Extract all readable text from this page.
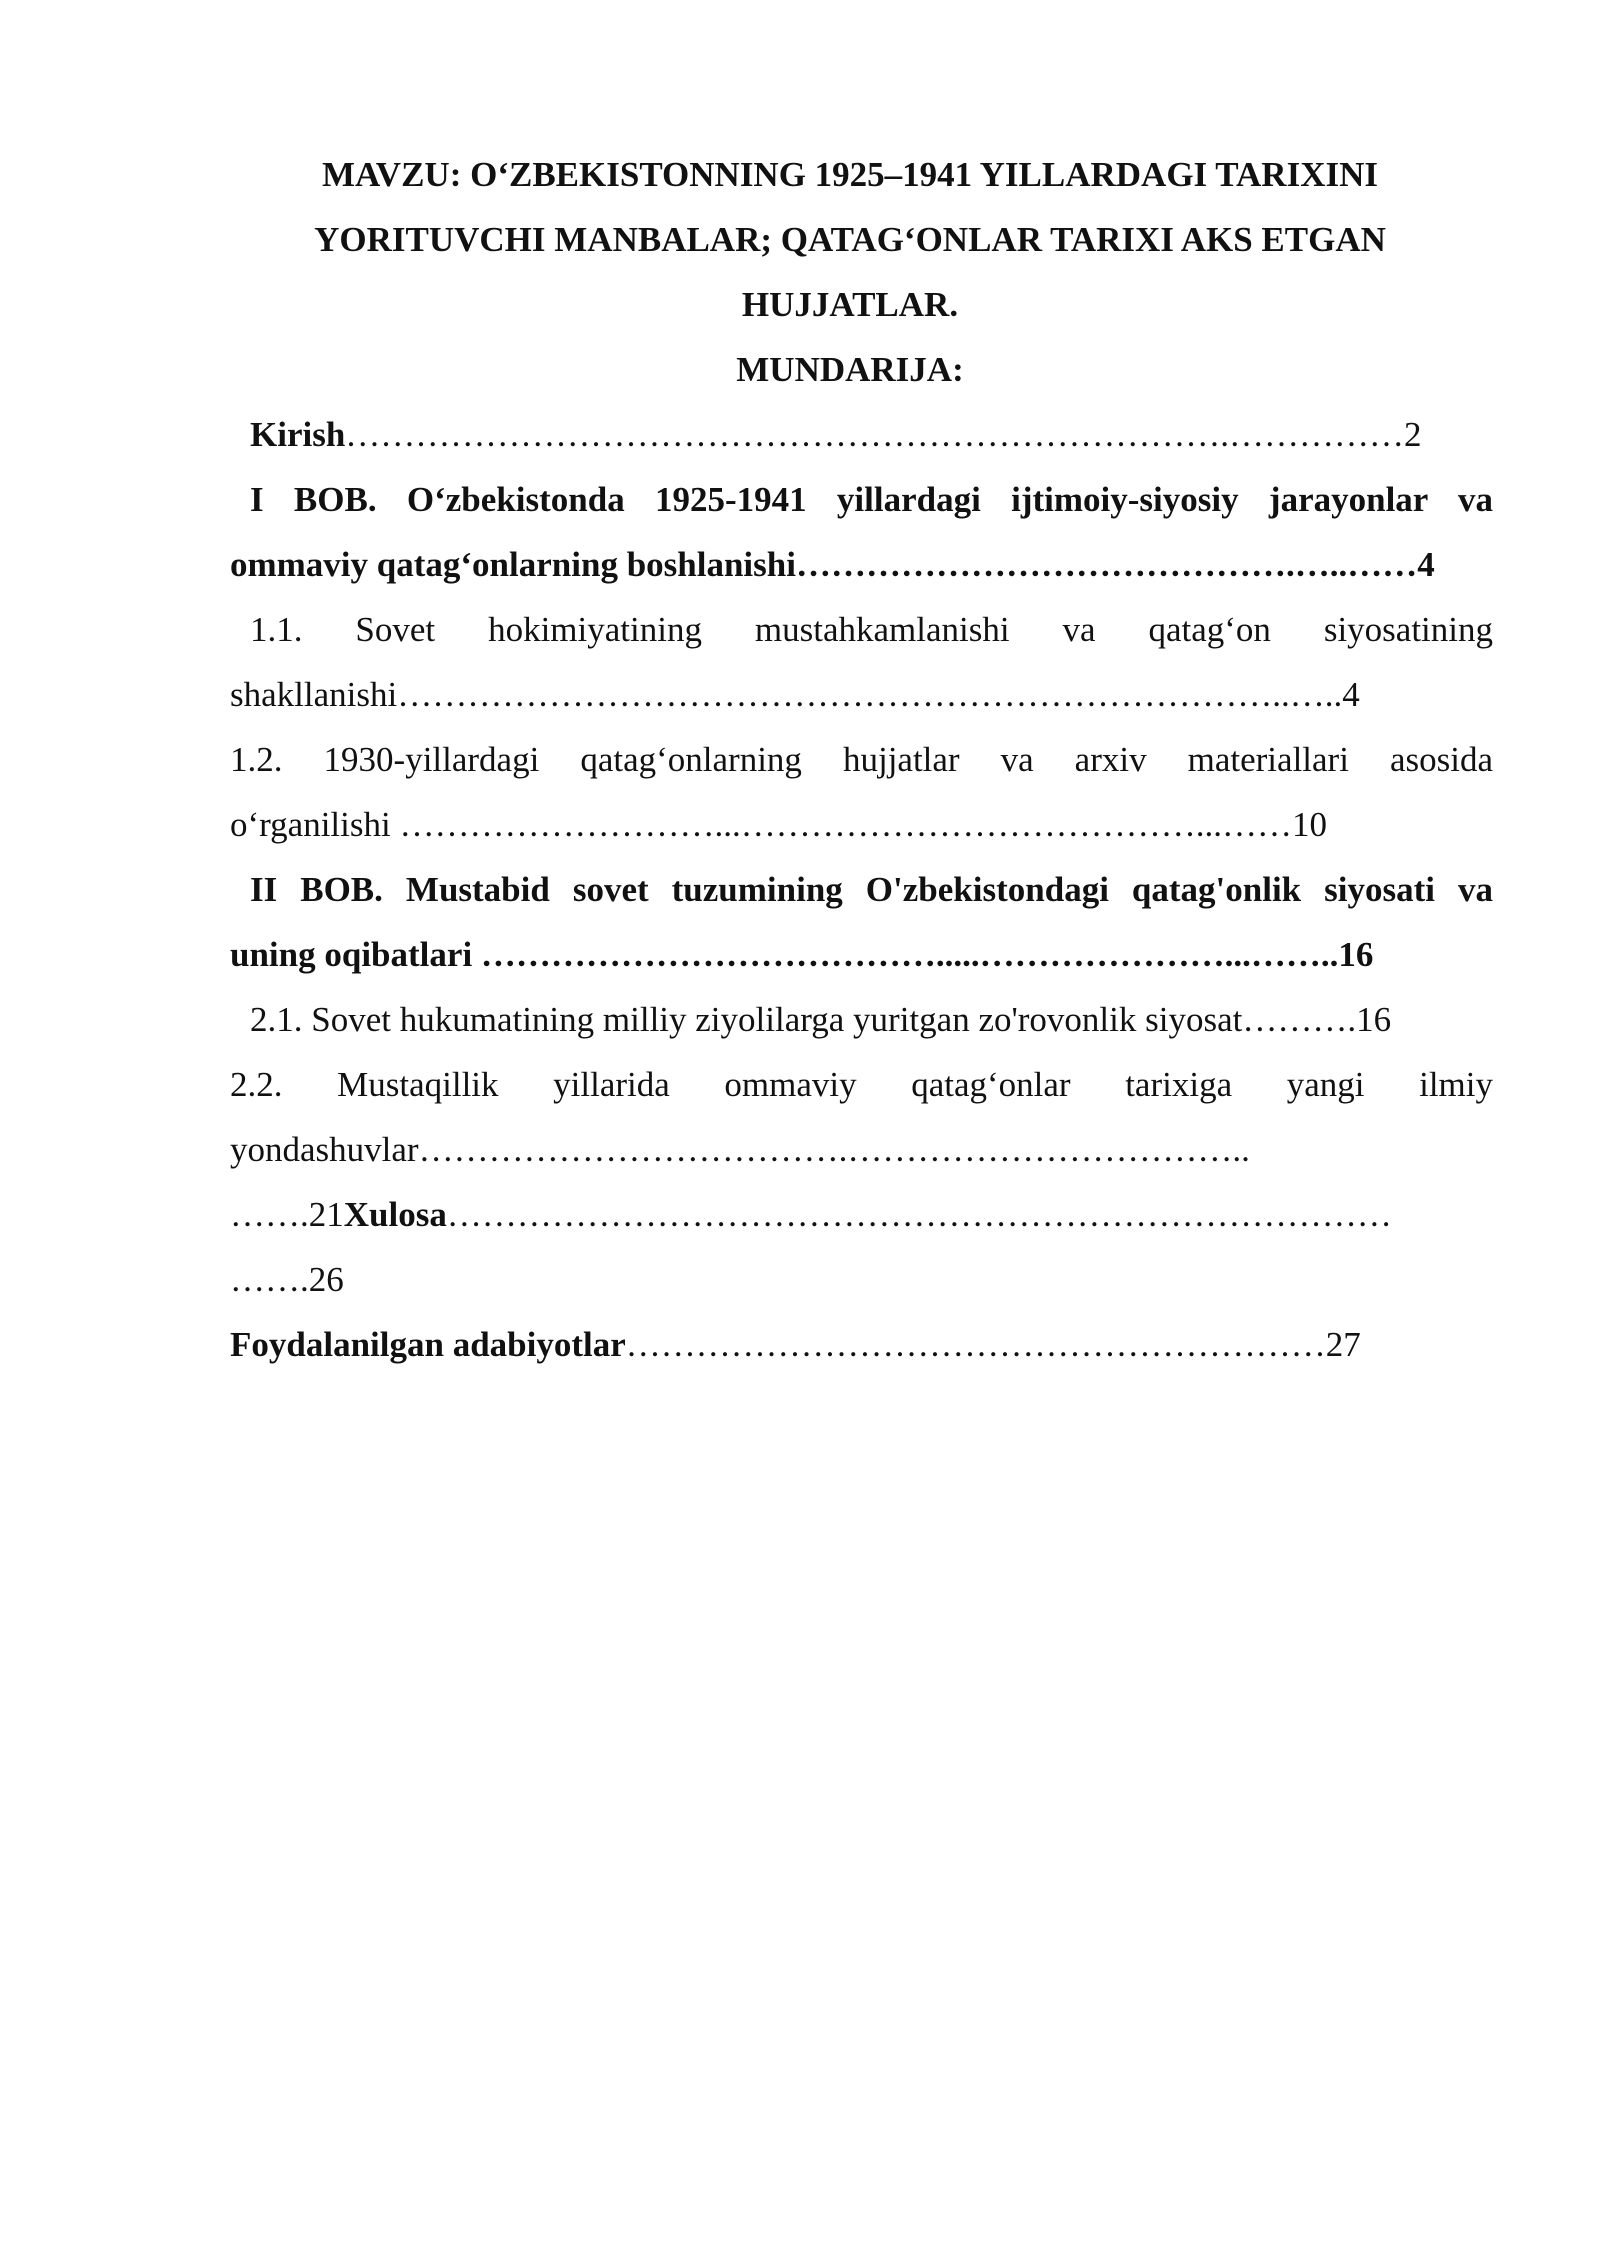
MAVZU: O‘ZBEKISTONNING 1925–1941 YILLARDAGI TARIXINI
YORITUVCHI MANBALAR; QATAG‘ONLAR TARIXI AKS ETGAN
HUJJATLAR.
MUNDARIJA:
Kirish………………………………………………………………….……………2
I BOB. O‘zbekistonda 1925-1941 yillardagi ijtimoiy-siyosiy jarayonlar va
ommaviy qatag‘onlarning boshlanishi…………………………………….…..……4
1.1. Sovet hokimiyatining mustahkamlanishi va qatag‘on siyosatining
shakllanishi…………………………………………………………………..…..4
1.2. 1930-yillardagi qatag‘onlarning hujjatlar va arxiv materiallari asosida
o‘rganilishi ………………………...…………………………………...……10
II BOB. Mustabid sovet tuzumining O'zbekistondagi qatag'onlik siyosati va
uning oqibatlari ………………………………….....…………………...……..16
2.1. Sovet hukumatining milliy ziyolilarga yuritgan zo'rovonlik siyosat……….16
2.2. Mustaqillik yillarida ommaviy qatag‘onlar tarixiga yangi ilmiy
yondashuvlar……………………………….……………………………..
…….21Xulosa………………………………………………………………………
…….26
Foydalanilgan adabiyotlar……………………………………………………27
